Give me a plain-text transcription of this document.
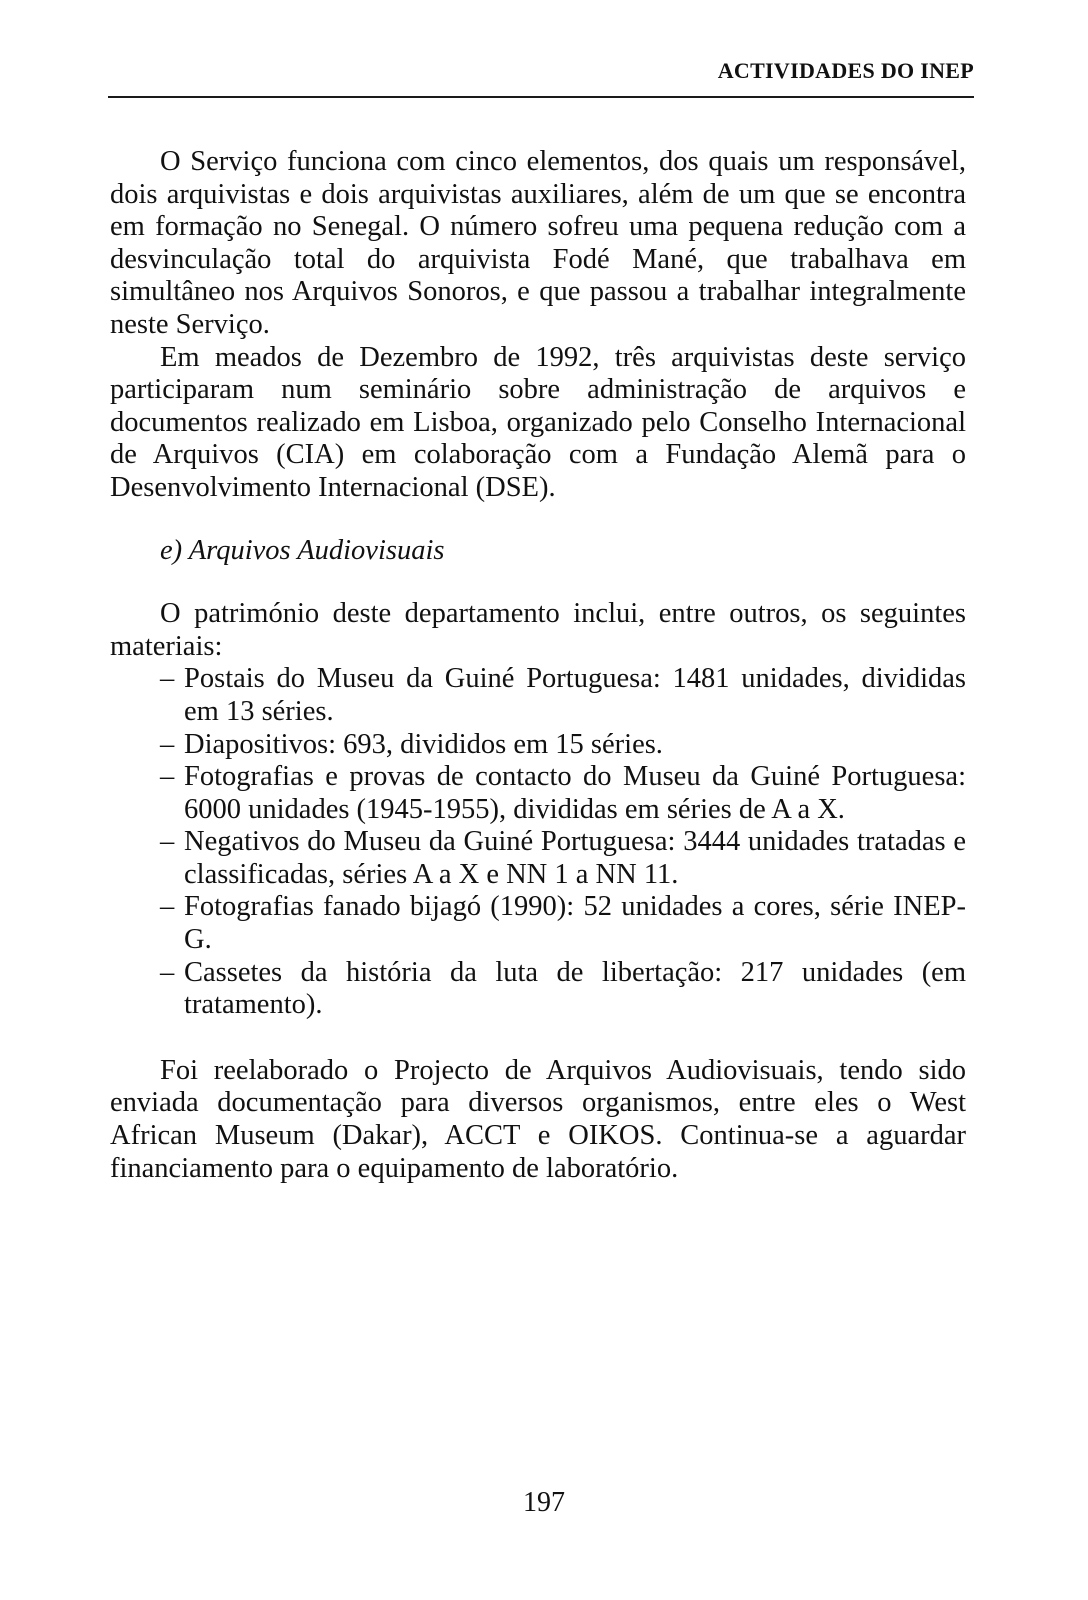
ACTIVIDADES DO INEP

O Serviço funciona com cinco elementos, dos quais um responsável, dois arquivistas e dois arquivistas auxiliares, além de um que se encontra em formação no Senegal. O número sofreu uma pequena redução com a desvinculação total do arquivista Fodé Mané, que trabalhava em simultâneo nos Arquivos Sonoros, e que passou a trabalhar integralmente neste Serviço.

Em meados de Dezembro de 1992, três arquivistas deste serviço participaram num seminário sobre administração de arquivos e documentos realizado em Lisboa, organizado pelo Conselho Internacional de Arquivos (CIA) em colaboração com a Fundação Alemã para o Desenvolvimento Internacional (DSE).

e) Arquivos Audiovisuais

O património deste departamento inclui, entre outros, os seguintes materiais:

– Postais do Museu da Guiné Portuguesa: 1481 unidades, divididas em 13 séries.
– Diapositivos: 693, divididos em 15 séries.
– Fotografias e provas de contacto do Museu da Guiné Portuguesa: 6000 unidades (1945-1955), divididas em séries de A a X.
– Negativos do Museu da Guiné Portuguesa: 3444 unidades tratadas e classificadas, séries A a X e NN 1 a NN 11.
– Fotografias fanado bijagó (1990): 52 unidades a cores, série INEP-G.
– Cassetes da história da luta de libertação: 217 unidades (em tratamento).

Foi reelaborado o Projecto de Arquivos Audiovisuais, tendo sido enviada documentação para diversos organismos, entre eles o West African Museum (Dakar), ACCT e OIKOS. Continua-se a aguardar financiamento para o equipamento de laboratório.

197
